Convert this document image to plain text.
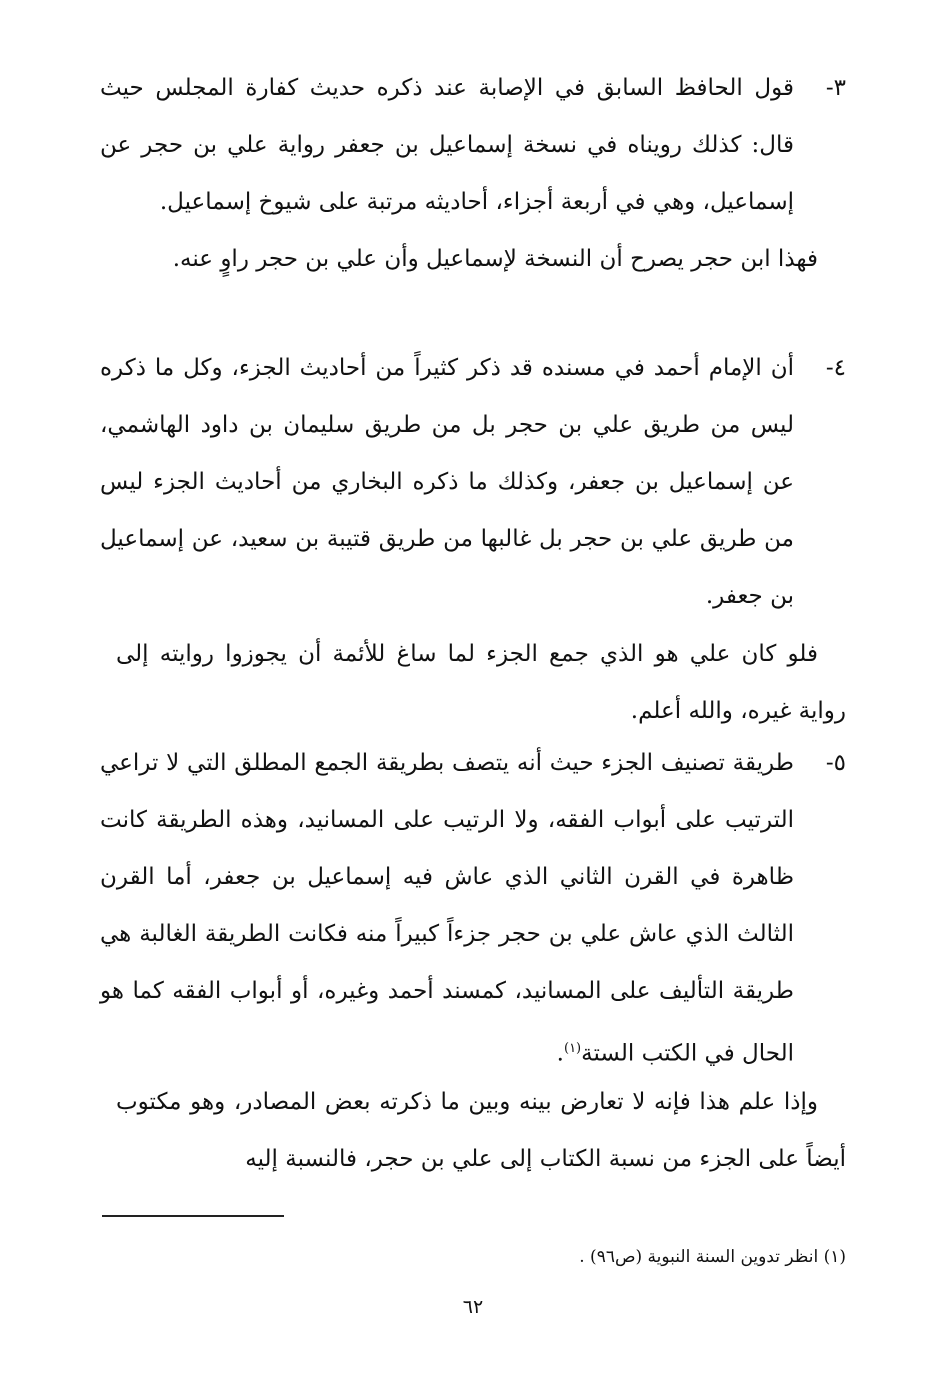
٣-
قول الحافظ السابق في الإصابة عند ذكره حديث كفارة المجلس حيث قال: كذلك رويناه في نسخة إسماعيل بن جعفر رواية علي بن حجر عن إسماعيل، وهي في أربعة أجزاء، أحاديثه مرتبة على شيوخ إسماعيل.
فهذا ابن حجر يصرح أن النسخة لإسماعيل وأن علي بن حجر راوٍ عنه.
٤-
أن الإمام أحمد في مسنده قد ذكر كثيراً من أحاديث الجزء، وكل ما ذكره ليس من طريق علي بن حجر بل من طريق سليمان بن داود الهاشمي، عن إسماعيل بن جعفر، وكذلك ما ذكره البخاري من أحاديث الجزء ليس من طريق علي بن حجر بل غالبها من طريق قتيبة بن سعيد، عن إسماعيل بن جعفر.
فلو كان علي هو الذي جمع الجزء لما ساغ للأئمة أن يجوزوا روايته إلى رواية غيره، والله أعلم.
٥-
طريقة تصنيف الجزء حيث أنه يتصف بطريقة الجمع المطلق التي لا تراعي الترتيب على أبواب الفقه، ولا الرتيب على المسانيد، وهذه الطريقة كانت ظاهرة في القرن الثاني الذي عاش فيه إسماعيل بن جعفر، أما القرن الثالث الذي عاش علي بن حجر جزءاً كبيراً منه فكانت الطريقة الغالبة هي طريقة التأليف على المسانيد، كمسند أحمد وغيره، أو أبواب الفقه كما هو الحال في الكتب الستة$^{(١)}$.
وإذا علم هذا فإنه لا تعارض بينه وبين ما ذكرته بعض المصادر، وهو مكتوب أيضاً على الجزء من نسبة الكتاب إلى علي بن حجر، فالنسبة إليه
(١) انظر تدوين السنة النبوية (ص٩٦) .
٦٢
